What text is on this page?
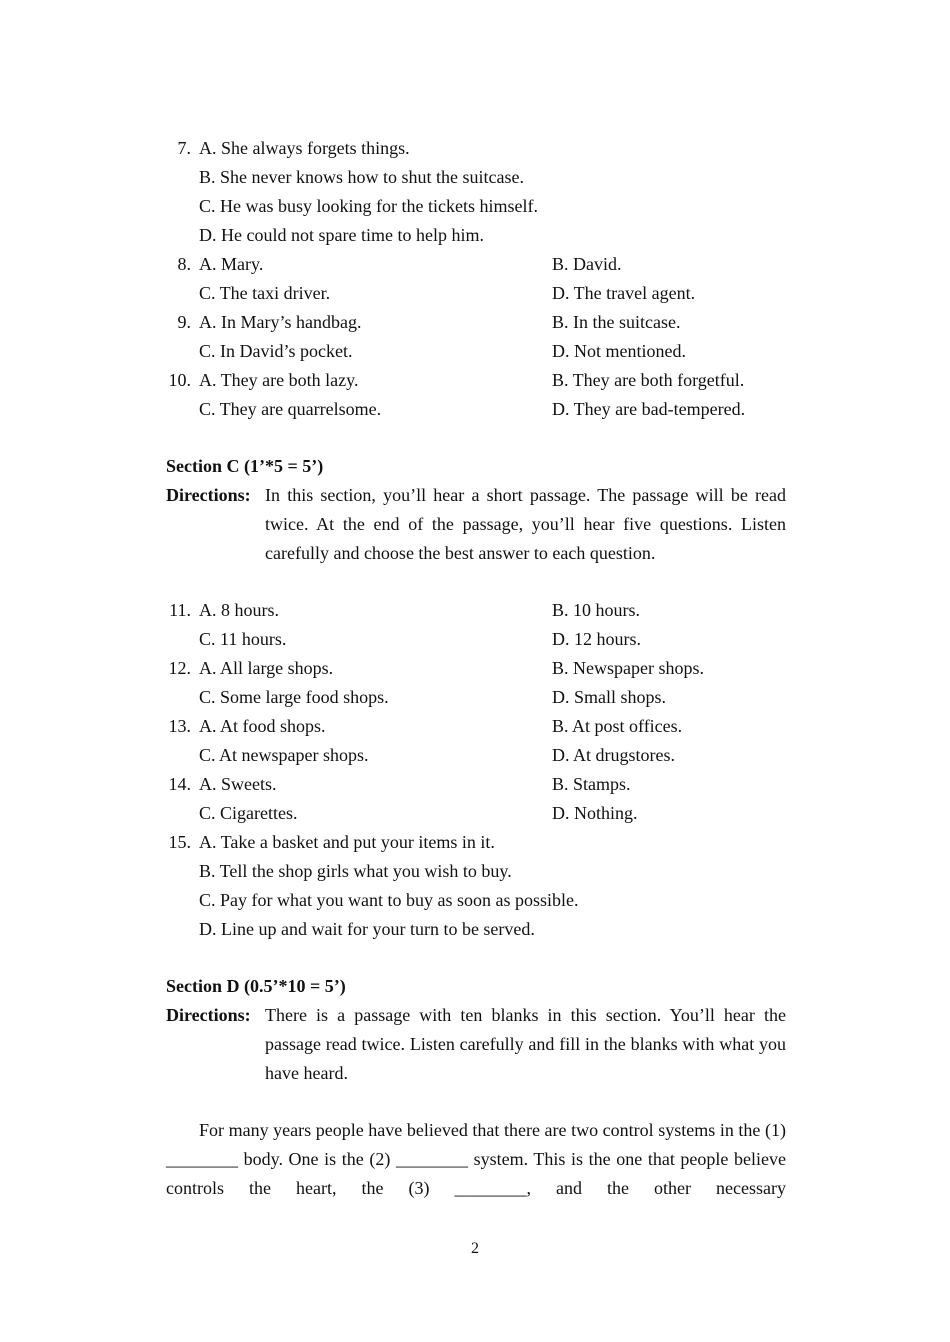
7. A. She always forgets things.
B. She never knows how to shut the suitcase.
C. He was busy looking for the tickets himself.
D. He could not spare time to help him.
8. A. Mary.	B. David.
C. The taxi driver.	D. The travel agent.
9. A. In Mary’s handbag.	B. In the suitcase.
C. In David’s pocket.	D. Not mentioned.
10. A. They are both lazy.	B. They are both forgetful.
C. They are quarrelsome.	D. They are bad-tempered.
Section C (1’*5 = 5’)
Directions: In this section, you’ll hear a short passage. The passage will be read twice. At the end of the passage, you’ll hear five questions. Listen carefully and choose the best answer to each question.
11. A. 8 hours.	B. 10 hours.
C. 11 hours.	D. 12 hours.
12. A. All large shops.	B. Newspaper shops.
C. Some large food shops.	D. Small shops.
13. A. At food shops.	B. At post offices.
C. At newspaper shops.	D. At drugstores.
14. A. Sweets.	B. Stamps.
C. Cigarettes.	D. Nothing.
15. A. Take a basket and put your items in it.
B. Tell the shop girls what you wish to buy.
C. Pay for what you want to buy as soon as possible.
D. Line up and wait for your turn to be served.
Section D (0.5’*10 = 5’)
Directions: There is a passage with ten blanks in this section. You’ll hear the passage read twice. Listen carefully and fill in the blanks with what you have heard.
For many years people have believed that there are two control systems in the (1) ________ body. One is the (2) ________ system. This is the one that people believe controls the heart, the (3) ________, and the other necessary
2
